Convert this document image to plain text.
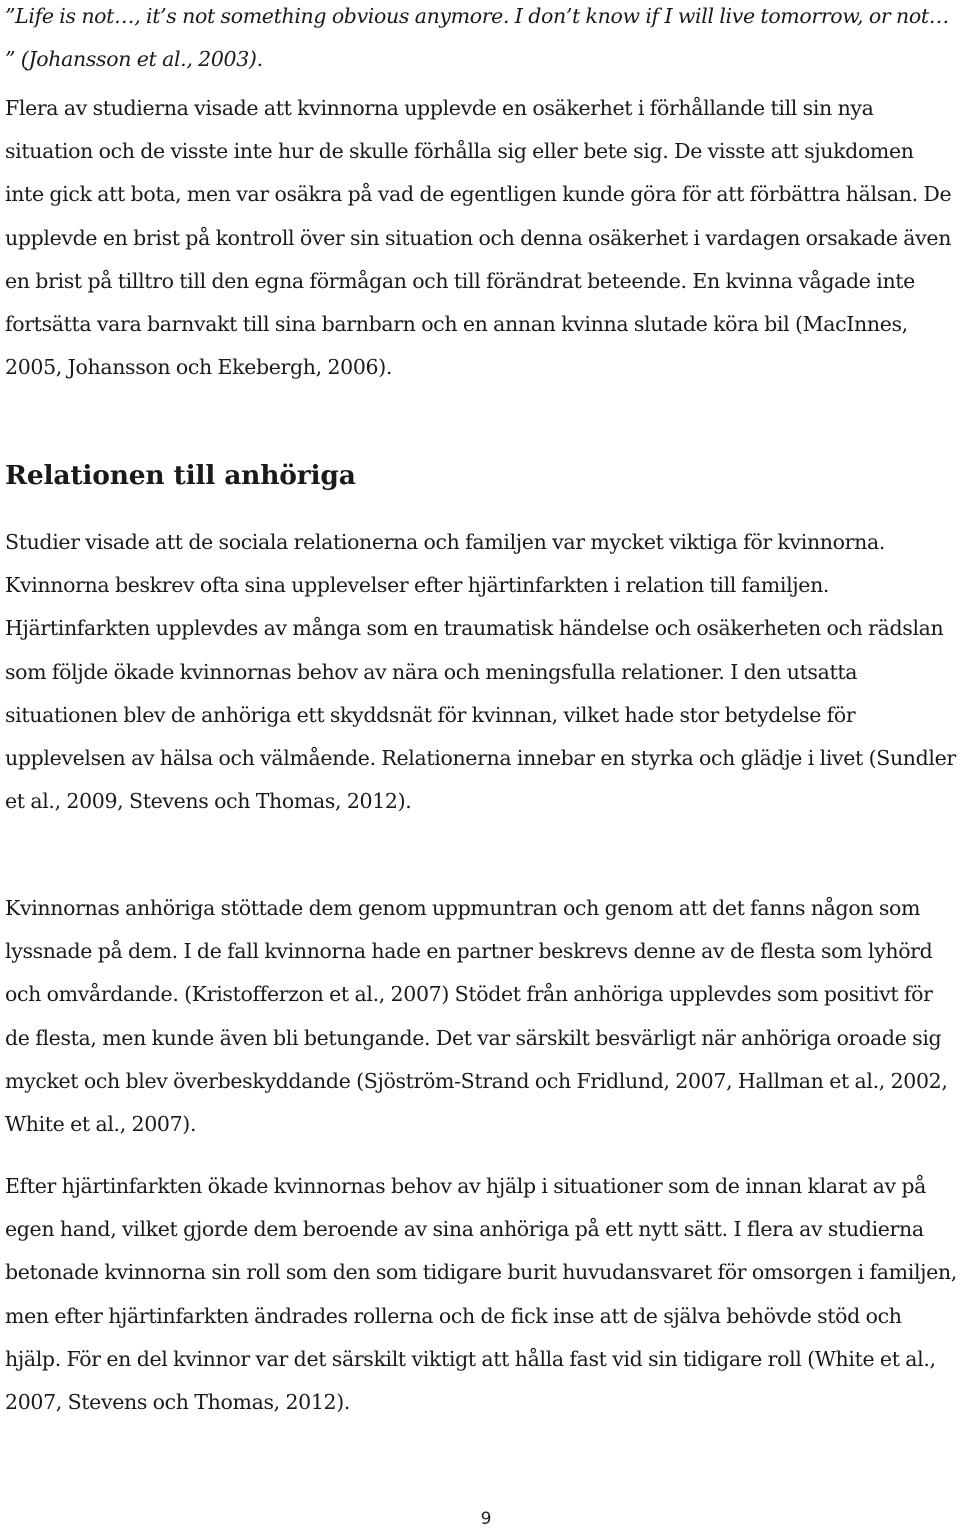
”Life is not…, it’s not something obvious anymore. I don’t know if I will live tomorrow, or not… ” (Johansson et al., 2003).

Flera av studierna visade att kvinnorna upplevde en osäkerhet i förhållande till sin nya situation och de visste inte hur de skulle förhålla sig eller bete sig. De visste att sjukdomen inte gick att bota, men var osäkra på vad de egentligen kunde göra för att förbättra hälsan. De upplevde en brist på kontroll över sin situation och denna osäkerhet i vardagen orsakade även en brist på tilltro till den egna förmågan och till förändrat beteende. En kvinna vågade inte fortsätta vara barnvakt till sina barnbarn och en annan kvinna slutade köra bil (MacInnes, 2005, Johansson och Ekebergh, 2006).

Relationen till anhöriga

Studier visade att de sociala relationerna och familjen var mycket viktiga för kvinnorna. Kvinnorna beskrev ofta sina upplevelser efter hjärtinfarkten i relation till familjen. Hjärtinfarkten upplevdes av många som en traumatisk händelse och osäkerheten och rädslan som följde ökade kvinnornas behov av nära och meningsfulla relationer. I den utsatta situationen blev de anhöriga ett skyddsnät för kvinnan, vilket hade stor betydelse för upplevelsen av hälsa och välmående. Relationerna innebar en styrka och glädje i livet (Sundler et al., 2009, Stevens och Thomas, 2012).

Kvinnornas anhöriga stöttade dem genom uppmuntran och genom att det fanns någon som lyssnade på dem. I de fall kvinnorna hade en partner beskrevs denne av de flesta som lyhörd och omvårdande. (Kristofferzon et al., 2007) Stödet från anhöriga upplevdes som positivt för de flesta, men kunde även bli betungande. Det var särskilt besvärligt när anhöriga oroade sig mycket och blev överbeskyddande (Sjöström-Strand och Fridlund, 2007, Hallman et al., 2002, White et al., 2007).

Efter hjärtinfarkten ökade kvinnornas behov av hjälp i situationer som de innan klarat av på egen hand, vilket gjorde dem beroende av sina anhöriga på ett nytt sätt. I flera av studierna betonade kvinnorna sin roll som den som tidigare burit huvudansvaret för omsorgen i familjen, men efter hjärtinfarkten ändrades rollerna och de fick inse att de själva behövde stöd och hjälp. För en del kvinnor var det särskilt viktigt att hålla fast vid sin tidigare roll (White et al., 2007, Stevens och Thomas, 2012).

9
